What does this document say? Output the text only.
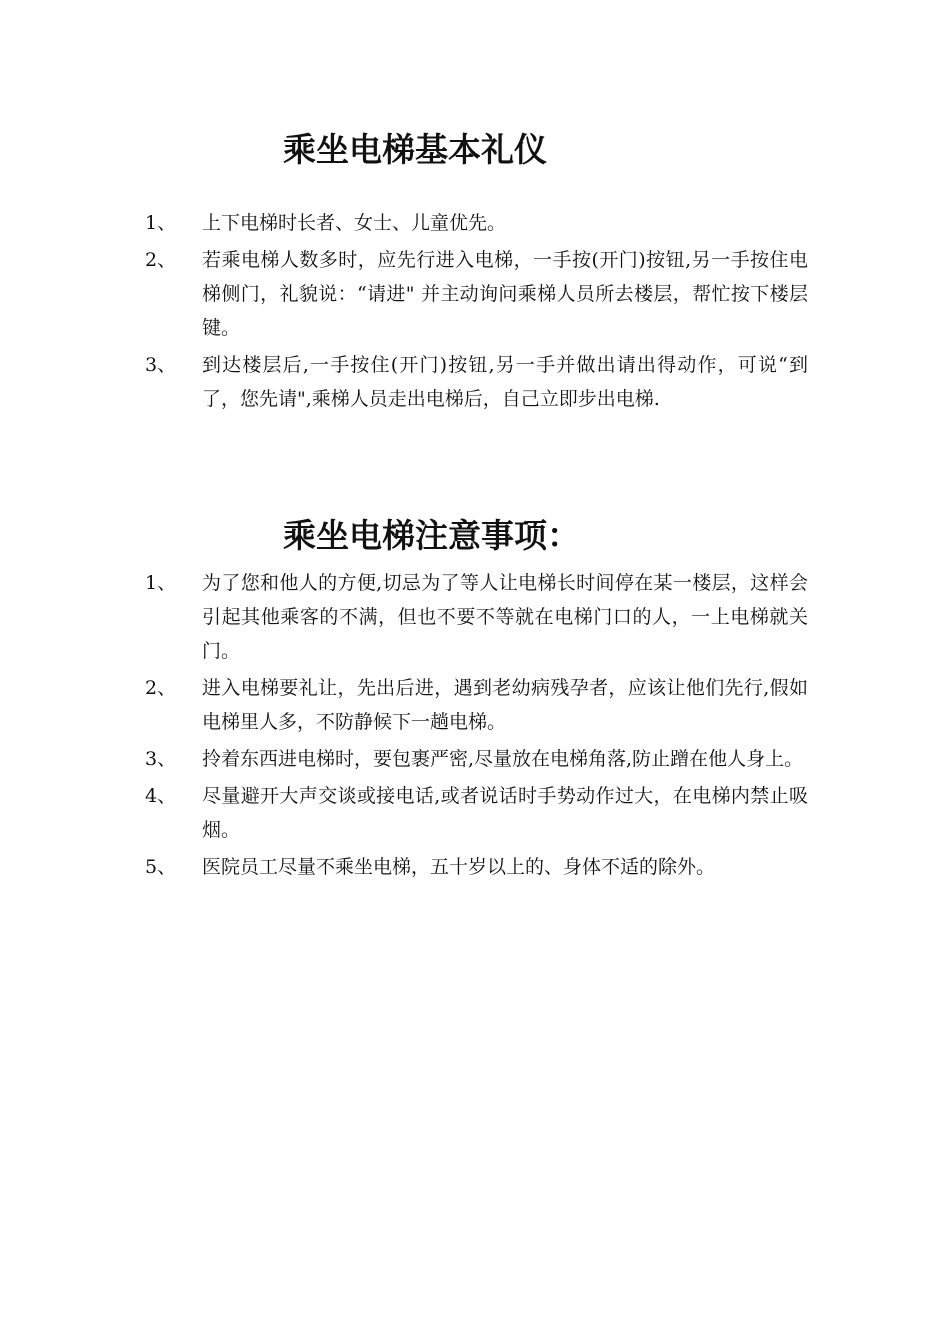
乘坐电梯基本礼仪
1、 上下电梯时长者、女士、儿童优先。
2、 若乘电梯人数多时，应先行进入电梯，一手按(开门)按钮,另一手按住电梯侧门，礼貌说：“请进" 并主动询问乘梯人员所去楼层，帮忙按下楼层键。
3、 到达楼层后,一手按住(开门)按钮,另一手并做出请出得动作，可说“到了，您先请",乘梯人员走出电梯后，自己立即步出电梯.
乘坐电梯注意事项：
1、 为了您和他人的方便,切忌为了等人让电梯长时间停在某一楼层，这样会引起其他乘客的不满，但也不要不等就在电梯门口的人，一上电梯就关门。
2、 进入电梯要礼让，先出后进，遇到老幼病残孕者，应该让他们先行,假如电梯里人多，不防静候下一趟电梯。
3、 拎着东西进电梯时，要包裹严密,尽量放在电梯角落,防止蹭在他人身上。
4、 尽量避开大声交谈或接电话,或者说话时手势动作过大，在电梯内禁止吸烟。
5、 医院员工尽量不乘坐电梯，五十岁以上的、身体不适的除外。
